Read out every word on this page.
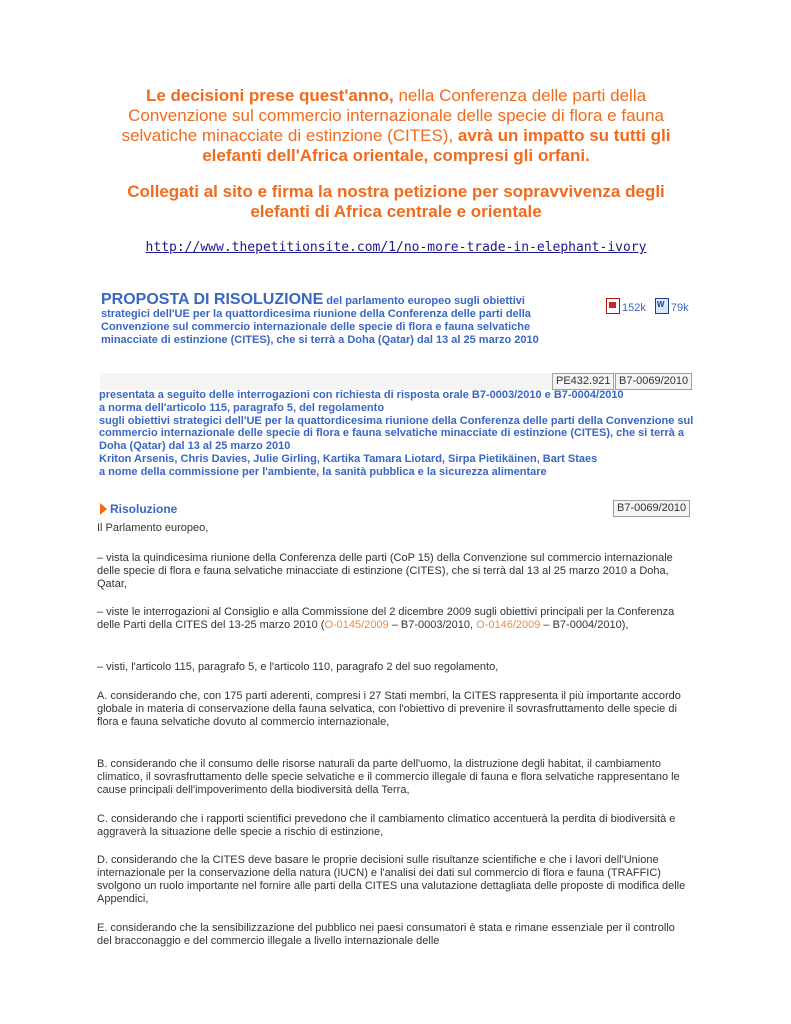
Le decisioni prese quest'anno, nella Conferenza delle parti della Convenzione sul commercio internazionale delle specie di flora e fauna selvatiche minacciate di estinzione (CITES), avrà un impatto su tutti gli elefanti dell'Africa orientale, compresi gli orfani.
Collegati al sito e firma la nostra petizione per sopravvivenza degli elefanti di Africa centrale e orientale
http://www.thepetitionsite.com/1/no-more-trade-in-elephant-ivory
PROPOSTA DI RISOLUZIONE del parlamento europeo sugli obiettivi strategici dell'UE per la quattordicesima riunione della Conferenza delle parti della Convenzione sul commercio internazionale delle specie di flora e fauna selvatiche minacciate di estinzione (CITES), che si terrà a Doha (Qatar) dal 13 al 25 marzo 2010
152k

W 79k
PE432.921 B7-0069/2010
presentata a seguito delle interrogazioni con richiesta di risposta orale B7-0003/2010 e B7-0004/2010
a norma dell'articolo 115, paragrafo 5, del regolamento
sugli obiettivi strategici dell'UE per la quattordicesima riunione della Conferenza delle parti della Convenzione sul commercio internazionale delle specie di flora e fauna selvatiche minacciate di estinzione (CITES), che si terrà a Doha (Qatar) dal 13 al 25 marzo 2010
Kriton Arsenis, Chris Davies, Julie Girling, Kartika Tamara Liotard, Sirpa Pietikäinen, Bart Staes
a nome della commissione per l'ambiente, la sanità pubblica e la sicurezza alimentare
Risoluzione	B7-0069/2010
Il Parlamento europeo,
– vista la quindicesima riunione della Conferenza delle parti (CoP 15) della Convenzione sul commercio internazionale delle specie di flora e fauna selvatiche minacciate di estinzione (CITES), che si terrà dal 13 al 25 marzo 2010 a Doha, Qatar,
– viste le interrogazioni al Consiglio e alla Commissione del 2 dicembre 2009 sugli obiettivi principali per la Conferenza delle Parti della CITES del 13-25 marzo 2010 (O-0145/2009 – B7-0003/2010, O-0146/2009 – B7-0004/2010),
– visti, l'articolo 115, paragrafo 5, e l'articolo 110, paragrafo 2 del suo regolamento,
A. considerando che, con 175 parti aderenti, compresi i 27 Stati membri, la CITES rappresenta il più importante accordo globale in materia di conservazione della fauna selvatica, con l'obiettivo di prevenire il sovrasfruttamento delle specie di flora e fauna selvatiche dovuto al commercio internazionale,
B. considerando che il consumo delle risorse naturali da parte dell'uomo, la distruzione degli habitat, il cambiamento climatico, il sovrasfruttamento delle specie selvatiche e il commercio illegale di fauna e flora selvatiche rappresentano le cause principali dell'impoverimento della biodiversità della Terra,
C. considerando che i rapporti scientifici prevedono che il cambiamento climatico accentuerà la perdita di biodiversità e aggraverà la situazione delle specie a rischio di estinzione,
D. considerando che la CITES deve basare le proprie decisioni sulle risultanze scientifiche e che i lavori dell'Unione internazionale per la conservazione della natura (IUCN) e l'analisi dei dati sul commercio di flora e fauna (TRAFFIC) svolgono un ruolo importante nel fornire alle parti della CITES una valutazione dettagliata delle proposte di modifica delle Appendici,
E. considerando che la sensibilizzazione del pubblico nei paesi consumatori è stata e rimane essenziale per il controllo del bracconaggio e del commercio illegale a livello internazionale delle
